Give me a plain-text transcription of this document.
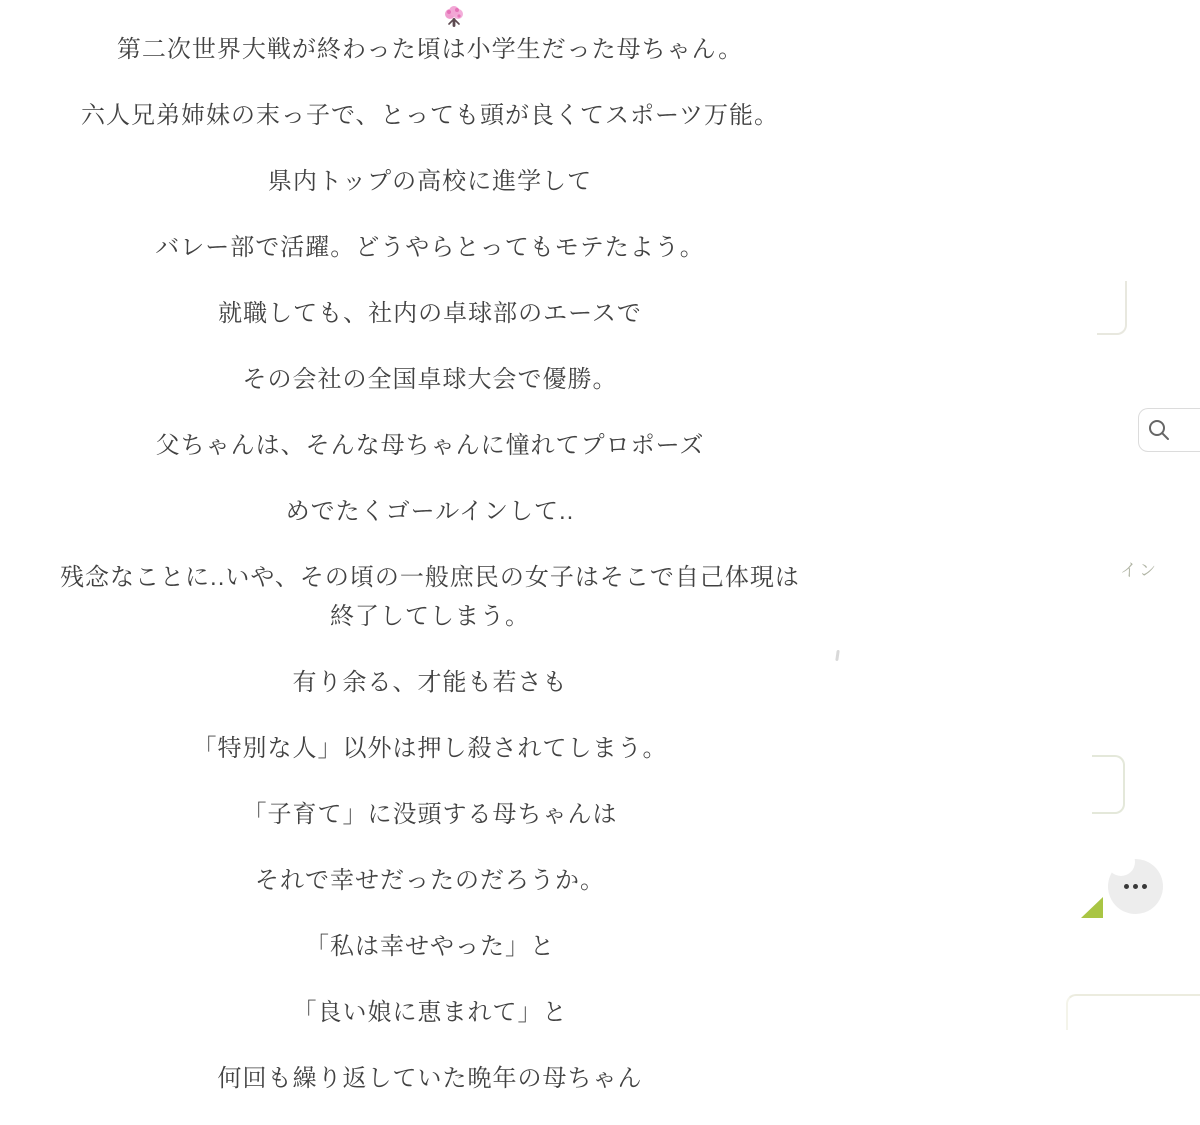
第二次世界大戦が終わった頃は小学生だった母ちゃん。

六人兄弟姉妹の末っ子で、とっても頭が良くてスポーツ万能。

県内トップの高校に進学して

バレー部で活躍。どうやらとってもモテたよう。

就職しても、社内の卓球部のエースで

その会社の全国卓球大会で優勝。

父ちゃんは、そんな母ちゃんに憧れてプロポーズ

めでたくゴールインして..

残念なことに..いや、その頃の一般庶民の女子はそこで自己体現は終了してしまう。

有り余る、才能も若さも

「特別な人」以外は押し殺されてしまう。

「子育て」に没頭する母ちゃんは

それで幸せだったのだろうか。

「私は幸せやった」と

「良い娘に恵まれて」と

何回も繰り返していた晩年の母ちゃん

イン
